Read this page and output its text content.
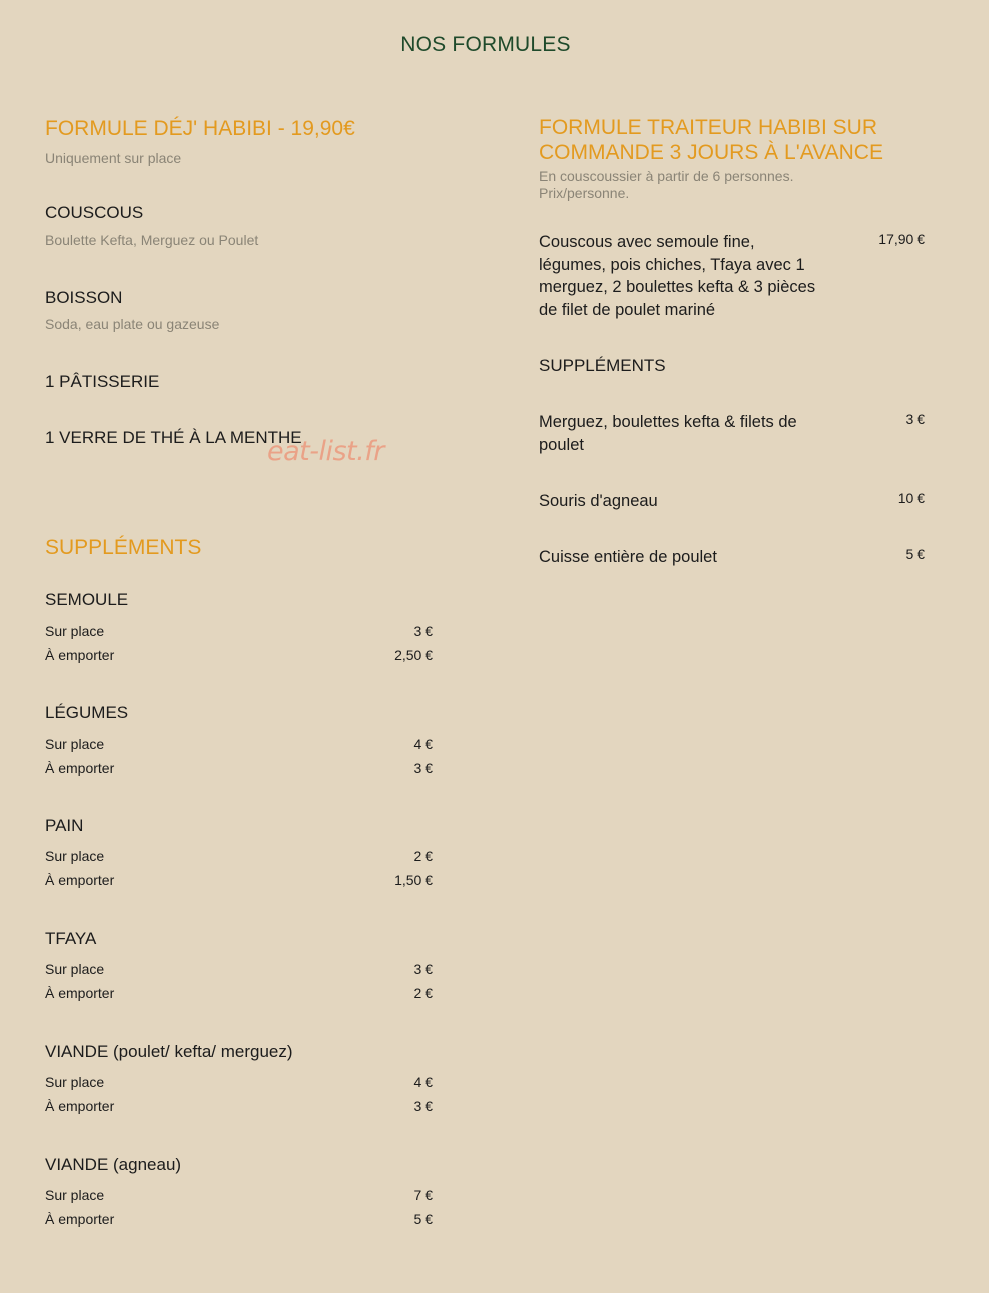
NOS FORMULES
FORMULE DÉJ' HABIBI - 19,90€
Uniquement sur place
COUSCOUS
Boulette Kefta, Merguez ou Poulet
BOISSON
Soda, eau plate ou gazeuse
1 PÂTISSERIE
1 VERRE DE THÉ À LA MENTHE
SUPPLÉMENTS
SEMOULE
Sur place	3 €
À emporter	2,50 €
LÉGUMES
Sur place	4 €
À emporter	3 €
PAIN
Sur place	2 €
À emporter	1,50 €
TFAYA
Sur place	3 €
À emporter	2 €
VIANDE (poulet/ kefta/ merguez)
Sur place	4 €
À emporter	3 €
VIANDE (agneau)
Sur place	7 €
À emporter	5 €
eat-list.fr
FORMULE TRAITEUR HABIBI SUR
COMMANDE 3 JOURS À L'AVANCE
En couscoussier à partir de 6 personnes.
Prix/personne.
Couscous avec semoule fine,
légumes, pois chiches, Tfaya avec 1
merguez, 2 boulettes kefta & 3 pièces
de filet de poulet mariné
17,90 €
SUPPLÉMENTS
Merguez, boulettes kefta & filets de
poulet
3 €
Souris d'agneau	10 €
Cuisse entière de poulet	5 €
